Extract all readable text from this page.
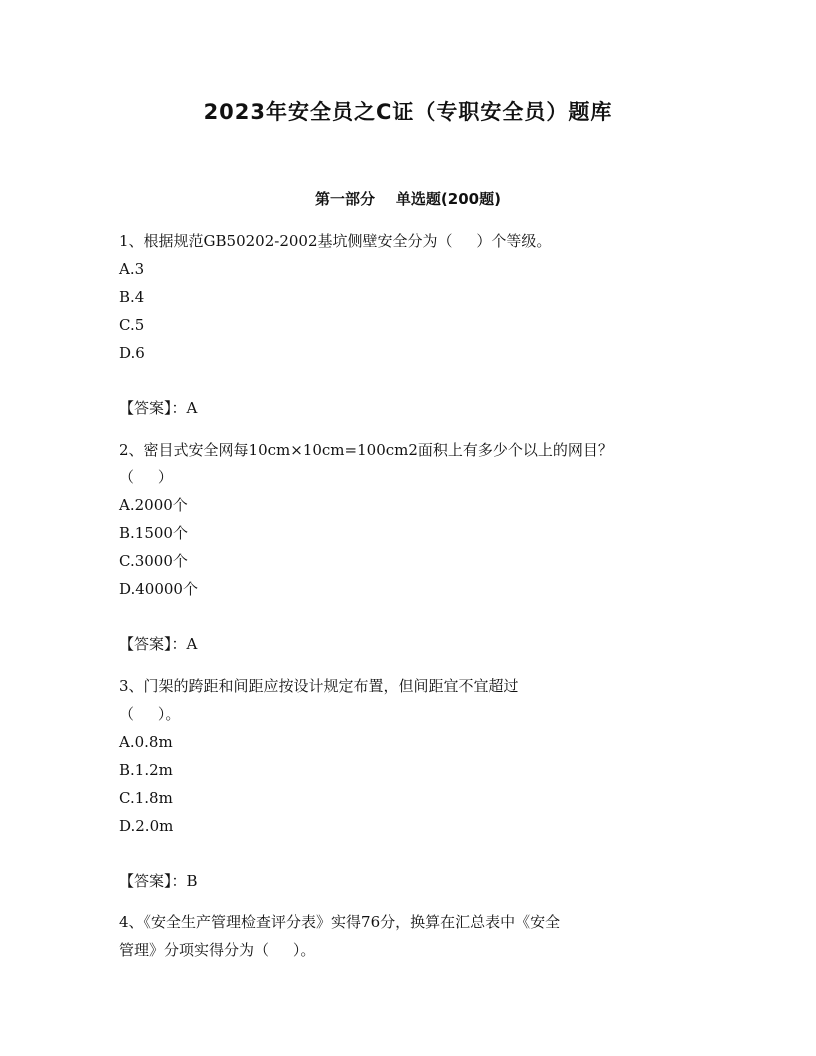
2023年安全员之C证（专职安全员）题库
第一部分    单选题(200题)
1、根据规范GB50202-2002基坑侧壁安全分为（     ）个等级。
A.3
B.4
C.5
D.6
【答案】：A
2、密目式安全网每10cm×10cm=100cm2面积上有多少个以上的网目？
（     ）
A.2000个
B.1500个
C.3000个
D.40000个
【答案】：A
3、门架的跨距和间距应按设计规定布置，但间距宜不宜超过
（     ）。
A.0.8m
B.1.2m
C.1.8m
D.2.0m
【答案】：B
4、《安全生产管理检查评分表》实得76分，换算在汇总表中《安全
管理》分项实得分为（     ）。
